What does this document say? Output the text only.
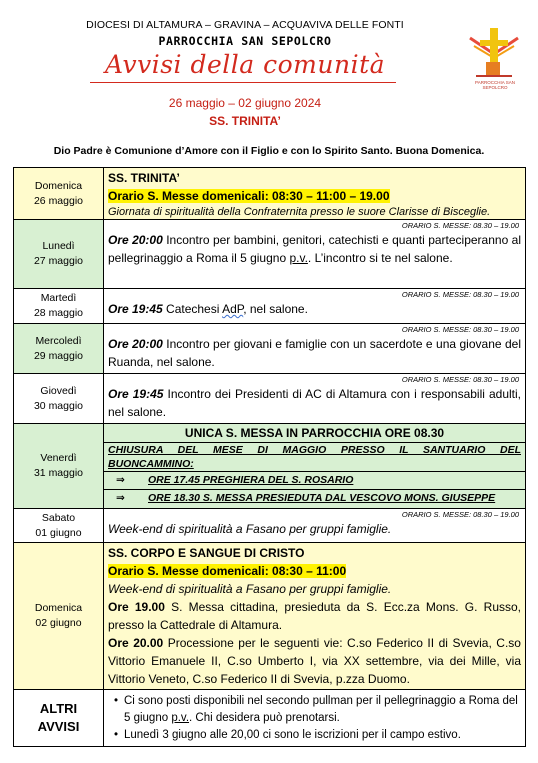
DIOCESI DI ALTAMURA – GRAVINA – ACQUAVIVA DELLE FONTI
PARROCCHIA SAN SEPOLCRO
Avvisi della comunità
26 maggio – 02 giugno 2024
SS. TRINITA’
Dio Padre è Comunione d’Amore con il Figlio e con lo Spirito Santo. Buona Domenica.
PARROCCHIA SAN SEPOLCRO
Domenica
26 maggio
SS. TRINITA’
Orario S. Messe domenicali: 08:30 – 11:00 – 19.00
Giornata di spiritualità della Confraternita presso le suore Clarisse di Bisceglie.
Lunedì
27 maggio
ORARIO S. MESSE: 08.30 – 19.00
Ore 20:00 Incontro per bambini, genitori, catechisti e quanti parteciperanno al pellegrinaggio a Roma il 5 giugno p.v.. L’incontro si te nel salone.
Martedì
28 maggio
ORARIO S. MESSE: 08.30 – 19.00
Ore 19:45 Catechesi AdP, nel salone.
Mercoledì
29 maggio
ORARIO S. MESSE: 08.30 – 19.00
Ore 20:00 Incontro per giovani e famiglie con un sacerdote e una giovane del Ruanda, nel salone.
Giovedì
30 maggio
ORARIO S. MESSE: 08.30 – 19.00
Ore 19:45 Incontro dei Presidenti di AC di Altamura con i responsabili adulti, nel salone.
Venerdì
31 maggio
UNICA S. MESSA IN PARROCCHIA ORE 08.30
CHIUSURA DEL MESE DI MAGGIO PRESSO IL SANTUARIO DEL
BUONCAMMINO:
⇒	ORE 17.45 PREGHIERA DEL S. ROSARIO
⇒	ORE 18.30 S. MESSA PRESIEDUTA DAL VESCOVO MONS. GIUSEPPE
Sabato
01 giugno
ORARIO S. MESSE: 08.30 – 19.00
Week-end di spiritualità a Fasano per gruppi famiglie.
Domenica
02 giugno
SS. CORPO E SANGUE DI CRISTO
Orario S. Messe domenicali: 08:30 – 11:00
Week-end di spiritualità a Fasano per gruppi famiglie.
Ore 19.00 S. Messa cittadina, presieduta da S. Ecc.za Mons. G. Russo, presso la Cattedrale di Altamura.
Ore 20.00 Processione per le seguenti vie: C.so Federico II di Svevia, C.so Vittorio Emanuele II, C.so Umberto I, via XX settembre, via dei Mille, via Vittorio Veneto, C.so Federico II di Svevia, p.zza Duomo.
ALTRI
AVVISI
• Ci sono posti disponibili nel secondo pullman per il pellegrinaggio a Roma del 5 giugno p.v.. Chi desidera può prenotarsi.
• Lunedì 3 giugno alle 20,00 ci sono le iscrizioni per il campo estivo.
